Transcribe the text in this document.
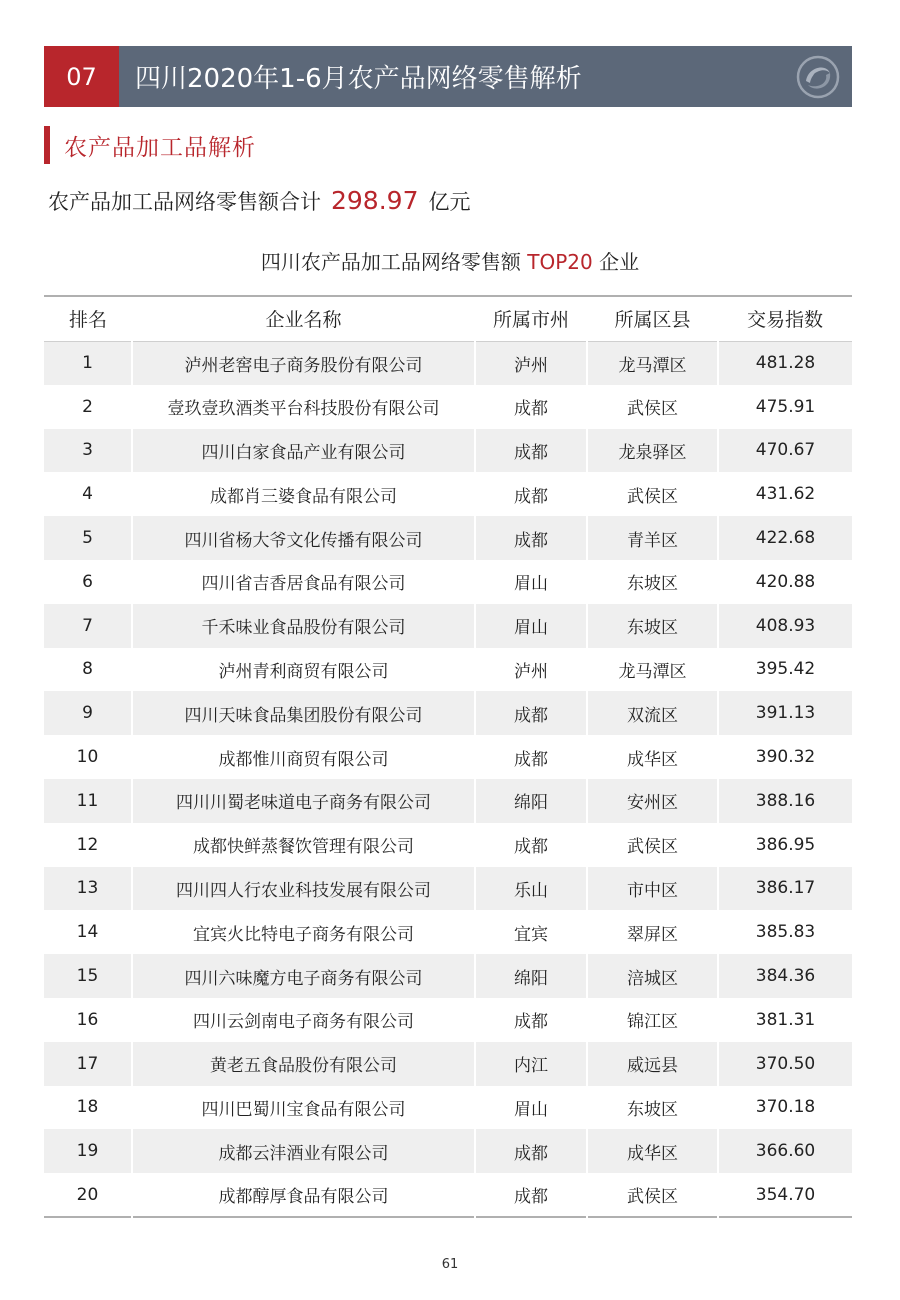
07	四川2020年1-6月农产品网络零售解析
农产品加工品解析
农产品加工品网络零售额合计 298.97 亿元
四川农产品加工品网络零售额 TOP20 企业
排名	企业名称	所属市州	所属区县	交易指数
1	泸州老窖电子商务股份有限公司	泸州	龙马潭区	481.28
2	壹玖壹玖酒类平台科技股份有限公司	成都	武侯区	475.91
3	四川白家食品产业有限公司	成都	龙泉驿区	470.67
4	成都肖三婆食品有限公司	成都	武侯区	431.62
5	四川省杨大爷文化传播有限公司	成都	青羊区	422.68
6	四川省吉香居食品有限公司	眉山	东坡区	420.88
7	千禾味业食品股份有限公司	眉山	东坡区	408.93
8	泸州青利商贸有限公司	泸州	龙马潭区	395.42
9	四川天味食品集团股份有限公司	成都	双流区	391.13
10	成都惟川商贸有限公司	成都	成华区	390.32
11	四川川蜀老味道电子商务有限公司	绵阳	安州区	388.16
12	成都快鲜蒸餐饮管理有限公司	成都	武侯区	386.95
13	四川四人行农业科技发展有限公司	乐山	市中区	386.17
14	宜宾火比特电子商务有限公司	宜宾	翠屏区	385.83
15	四川六味魔方电子商务有限公司	绵阳	涪城区	384.36
16	四川云剑南电子商务有限公司	成都	锦江区	381.31
17	黄老五食品股份有限公司	内江	威远县	370.50
18	四川巴蜀川宝食品有限公司	眉山	东坡区	370.18
19	成都云沣酒业有限公司	成都	成华区	366.60
20	成都醇厚食品有限公司	成都	武侯区	354.70
61
